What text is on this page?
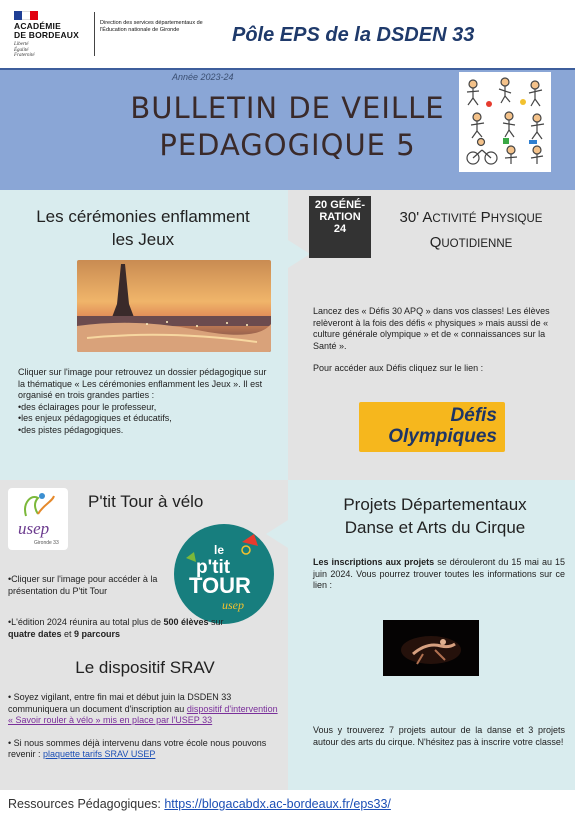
ACADÉMIE
DE BORDEAUX
Liberté
Égalité
Fraternité
Direction des services départementaux de l'Éducation nationale de Gironde	Pôle EPS de la DSDEN 33
Année 2023-24
BULLETIN DE VEILLE
PEDAGOGIQUE 5
Les cérémonies enflamment
les Jeux
Cliquer sur l'image pour retrouvez un dossier pédagogique sur la thématique « Les cérémonies enflamment les Jeux ». Il est organisé en trois grandes parties :
•des éclairages pour le professeur,
•les enjeux pédagogiques et éducatifs,
•des pistes pédagogiques.
20 GÉNÉ-RATION 24
30' ACTIVITÉ PHYSIQUE
QUOTIDIENNE

Lancez des « Défis 30 APQ » dans vos classes! Les élèves relèveront à la fois des défis « physiques » mais aussi de « culture générale olympique » et de « connaissances sur la Santé ».

Pour accéder aux Défis cliquez sur le lien :

Défis
Olympiques
usep
Gironde 33
P'tit Tour à vélo
le
p'tit
TOUR
usep
•Cliquer sur l'image pour accéder à la présentation du P'tit Tour
•L'édition 2024 réunira au total plus de 500 élèves sur quatre dates et 9 parcours
Le dispositif SRAV

• Soyez vigilant, entre fin mai et début juin la DSDEN 33 communiquera un document d'inscription au dispositif d'intervention « Savoir rouler à vélo » mis en place par l'USEP 33

• Si nous sommes déjà intervenu dans votre école nous pouvons revenir : plaquette tarifs SRAV USEP

Projets Départementaux
Danse et Arts du Cirque
Les inscriptions aux projets se dérouleront du 15 mai au 15 juin 2024. Vous pourrez trouver toutes les informations sur ce lien :
Vous y trouverez 7 projets autour de la danse et 3 projets autour des arts du cirque. N'hésitez pas à inscrire votre classe!
Ressources Pédagogiques: https://blogacabdx.ac-bordeaux.fr/eps33/
